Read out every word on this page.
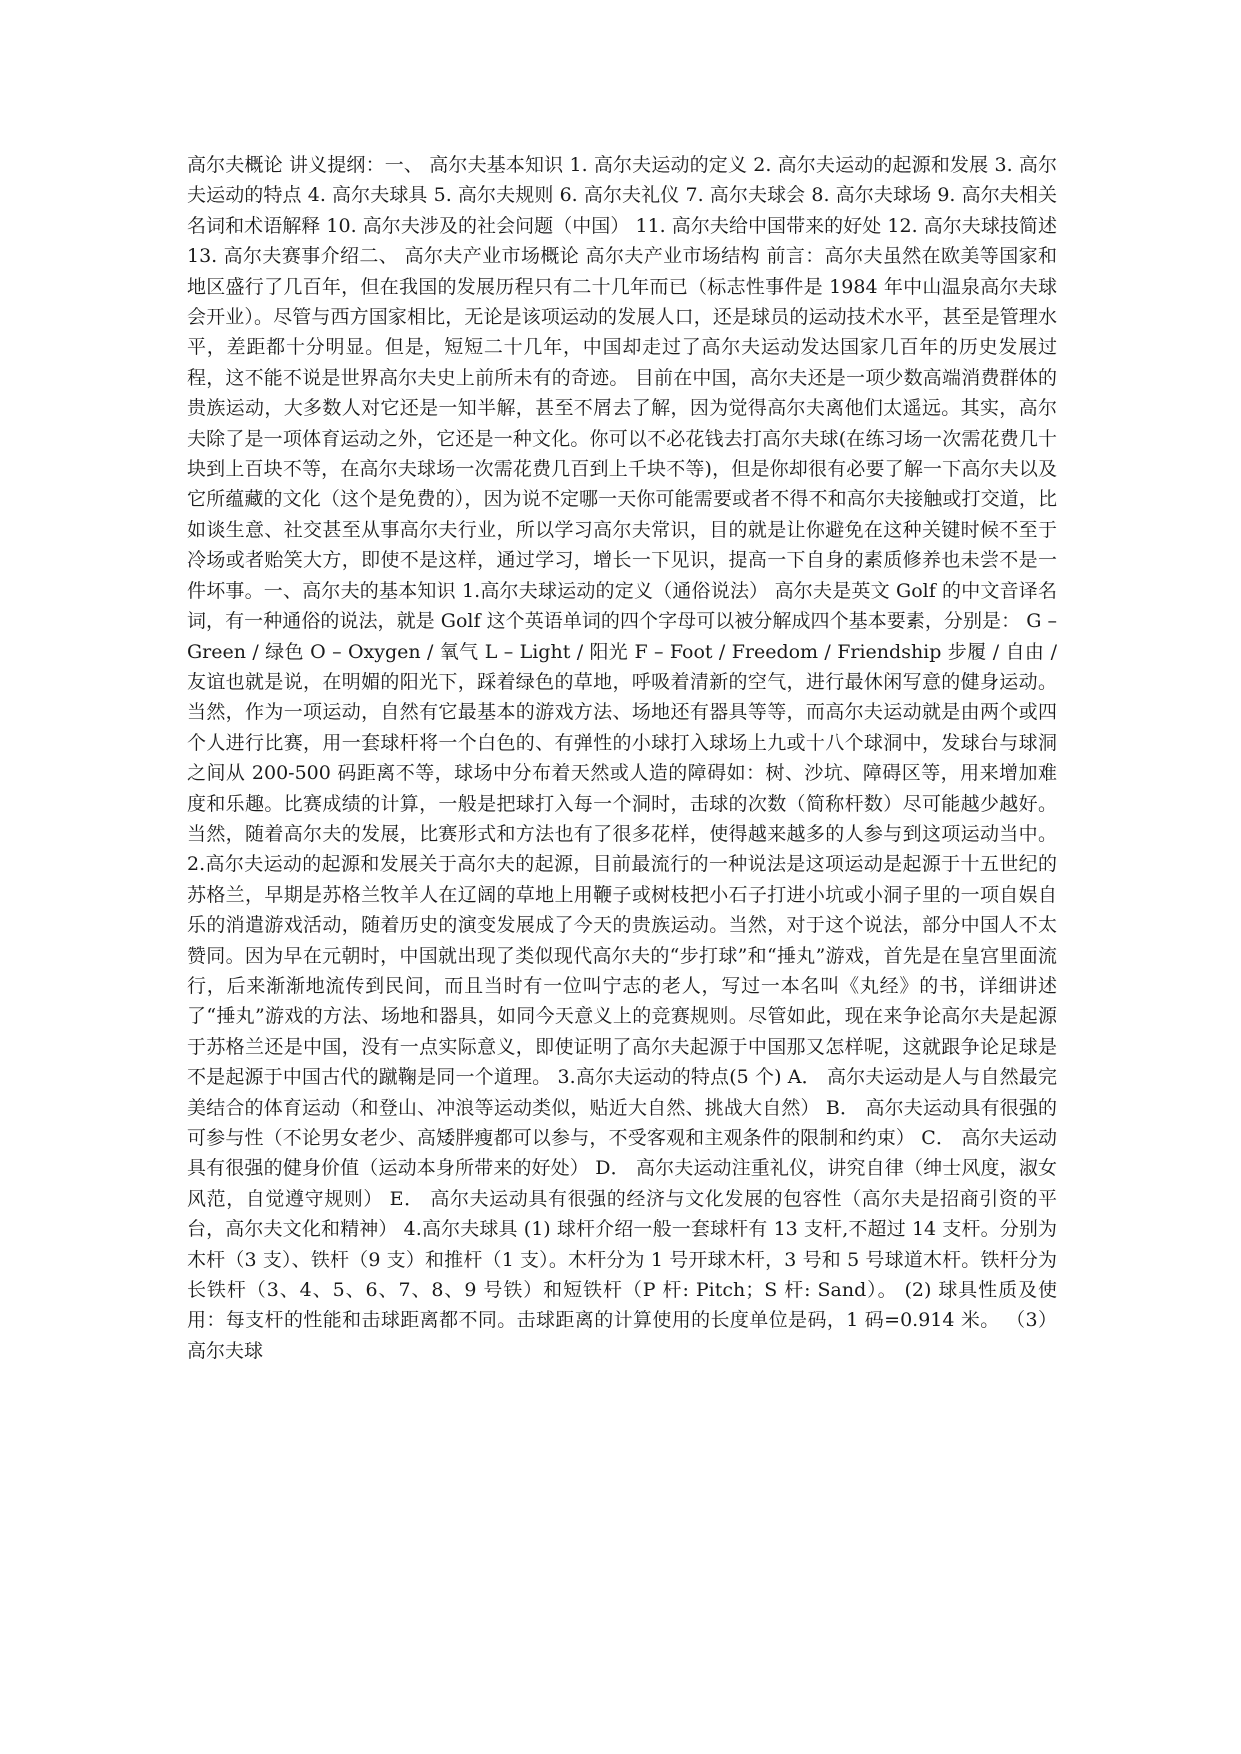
高尔夫概论 讲义提纲：一、 高尔夫基本知识 1. 高尔夫运动的定义 2. 高尔夫运动的起源和发展 3. 高尔夫运动的特点 4. 高尔夫球具 5. 高尔夫规则 6. 高尔夫礼仪 7. 高尔夫球会 8. 高尔夫球场 9. 高尔夫相关名词和术语解释 10. 高尔夫涉及的社会问题（中国） 11. 高尔夫给中国带来的好处 12. 高尔夫球技简述 13. 高尔夫赛事介绍二、 高尔夫产业市场概论 高尔夫产业市场结构 前言：高尔夫虽然在欧美等国家和地区盛行了几百年，但在我国的发展历程只有二十几年而已（标志性事件是 1984 年中山温泉高尔夫球会开业）。尽管与西方国家相比，无论是该项运动的发展人口，还是球员的运动技术水平，甚至是管理水平，差距都十分明显。但是，短短二十几年，中国却走过了高尔夫运动发达国家几百年的历史发展过程，这不能不说是世界高尔夫史上前所未有的奇迹。 目前在中国，高尔夫还是一项少数高端消费群体的贵族运动，大多数人对它还是一知半解，甚至不屑去了解，因为觉得高尔夫离他们太遥远。其实，高尔夫除了是一项体育运动之外，它还是一种文化。你可以不必花钱去打高尔夫球(在练习场一次需花费几十块到上百块不等，在高尔夫球场一次需花费几百到上千块不等)，但是你却很有必要了解一下高尔夫以及它所蕴藏的文化（这个是免费的），因为说不定哪一天你可能需要或者不得不和高尔夫接触或打交道，比如谈生意、社交甚至从事高尔夫行业，所以学习高尔夫常识，目的就是让你避免在这种关键时候不至于冷场或者贻笑大方，即使不是这样，通过学习，增长一下见识，提高一下自身的素质修养也未尝不是一件坏事。一、高尔夫的基本知识 1.高尔夫球运动的定义（通俗说法） 高尔夫是英文 Golf 的中文音译名词，有一种通俗的说法，就是 Golf 这个英语单词的四个字母可以被分解成四个基本要素，分别是： G – Green / 绿色 O – Oxygen / 氧气 L – Light / 阳光 F – Foot / Freedom / Friendship 步履 / 自由 / 友谊也就是说，在明媚的阳光下，踩着绿色的草地，呼吸着清新的空气，进行最休闲写意的健身运动。当然，作为一项运动，自然有它最基本的游戏方法、场地还有器具等等，而高尔夫运动就是由两个或四个人进行比赛，用一套球杆将一个白色的、有弹性的小球打入球场上九或十八个球洞中，发球台与球洞之间从 200-500 码距离不等，球场中分布着天然或人造的障碍如：树、沙坑、障碍区等，用来增加难度和乐趣。比赛成绩的计算，一般是把球打入每一个洞时，击球的次数（简称杆数）尽可能越少越好。当然，随着高尔夫的发展，比赛形式和方法也有了很多花样，使得越来越多的人参与到这项运动当中。2.高尔夫运动的起源和发展关于高尔夫的起源，目前最流行的一种说法是这项运动是起源于十五世纪的苏格兰，早期是苏格兰牧羊人在辽阔的草地上用鞭子或树枝把小石子打进小坑或小洞子里的一项自娱自乐的消遣游戏活动，随着历史的演变发展成了今天的贵族运动。当然，对于这个说法，部分中国人不太赞同。因为早在元朝时，中国就出现了类似现代高尔夫的“步打球”和“捶丸”游戏，首先是在皇宫里面流行，后来渐渐地流传到民间，而且当时有一位叫宁志的老人，写过一本名叫《丸经》的书，详细讲述了“捶丸”游戏的方法、场地和器具，如同今天意义上的竞赛规则。尽管如此，现在来争论高尔夫是起源于苏格兰还是中国，没有一点实际意义，即使证明了高尔夫起源于中国那又怎样呢，这就跟争论足球是不是起源于中国古代的蹴鞠是同一个道理。 3.高尔夫运动的特点(5 个) A． 高尔夫运动是人与自然最完美结合的体育运动（和登山、冲浪等运动类似，贴近大自然、挑战大自然） B． 高尔夫运动具有很强的可参与性（不论男女老少、高矮胖瘦都可以参与，不受客观和主观条件的限制和约束） C． 高尔夫运动具有很强的健身价值（运动本身所带来的好处） D． 高尔夫运动注重礼仪，讲究自律（绅士风度，淑女风范，自觉遵守规则） E． 高尔夫运动具有很强的经济与文化发展的包容性（高尔夫是招商引资的平台，高尔夫文化和精神） 4.高尔夫球具 (1) 球杆介绍一般一套球杆有 13 支杆,不超过 14 支杆。分别为木杆（3 支）、铁杆（9 支）和推杆（1 支）。木杆分为 1 号开球木杆，3 号和 5 号球道木杆。铁杆分为长铁杆（3、4、5、6、7、8、9 号铁）和短铁杆（P 杆: Pitch；S 杆: Sand）。 (2) 球具性质及使用：每支杆的性能和击球距离都不同。击球距离的计算使用的长度单位是码，1 码=0.914 米。 （3）高尔夫球
